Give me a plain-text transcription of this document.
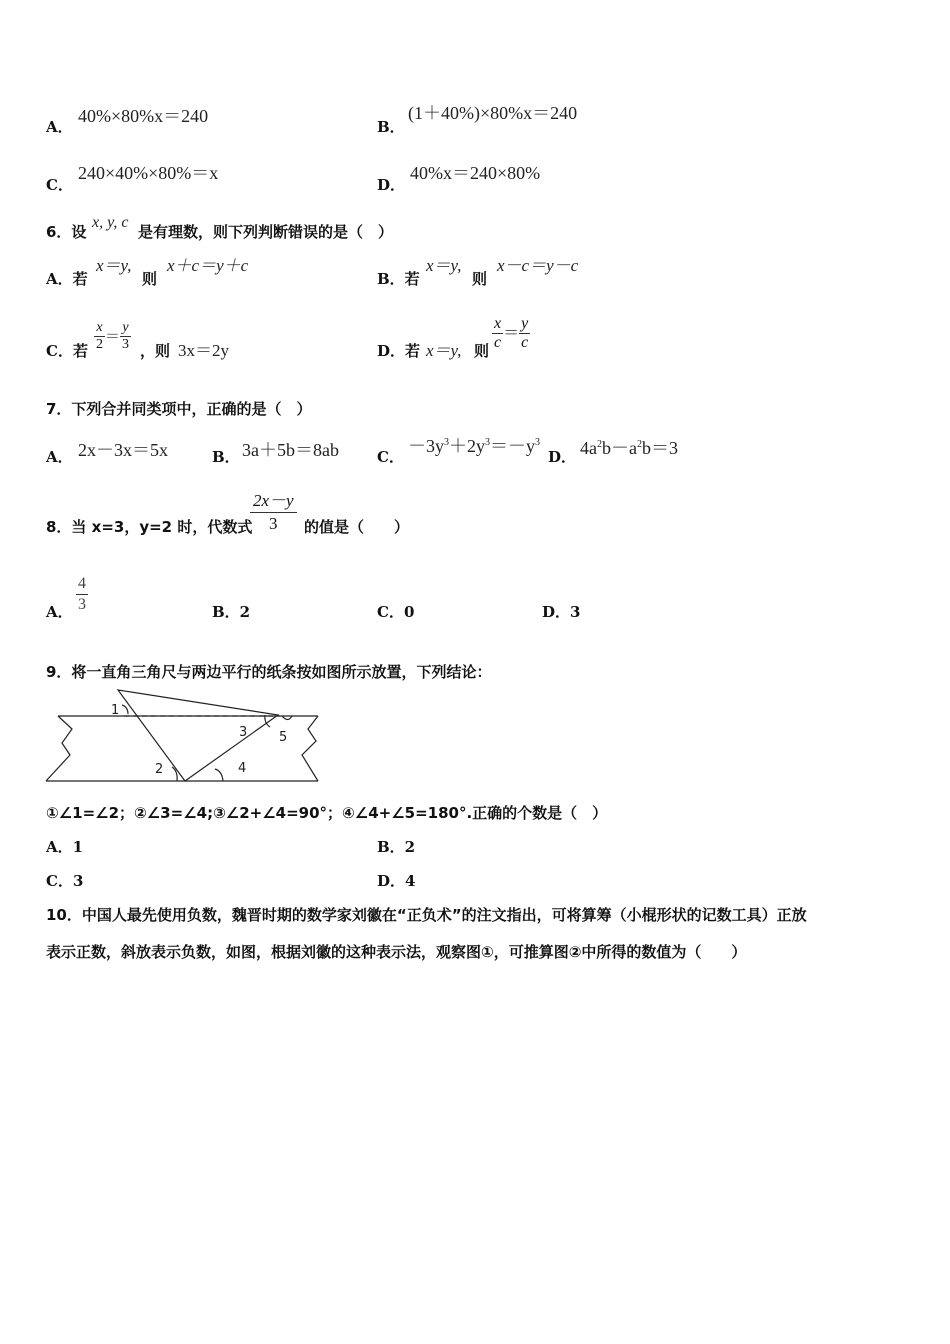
A．
40%×80%x＝240
B．
(1＋40%)×80%x＝240
C．
240×40%×80%＝x
D．
40%x＝240×80%
6．设
x, y, c
是有理数，则下列判断错误的是（　）
A．若
x＝y,
则
x＋c＝y＋c
B．若
x＝y,
则
x－c＝y－c
C．若 $\frac{x}{2} = \frac{y}{3}$ ，则 3x＝2y	D．若 x＝y, 则 $\frac{x}{c} = \frac{y}{c}$
7．下列合并同类项中，正确的是（　）
A． 2x－3x＝5x	B． 3a＋5b＝8ab	C．
$-3y^3+2y^3=-y^3$
D． $4a^2b-a^2b=3$
8．当 x=3，y=2 时，代数式
$\frac{2x-y}{3}$ 的值是（　　）
A． $\frac{4}{3}$	B．2	C．0	D．3
9．将一直角三角尺与两边平行的纸条按如图所示放置，下列结论：
1
2
3
4
5
①∠1=∠2；②∠3=∠4;③∠2+∠4=90°；④∠4+∠5=180°.正确的个数是（　）
A．1	B．2
C．3	D．4
10．中国人最先使用负数，魏晋时期的数学家刘徽在“正负术”的注文指出，可将算筹（小棍形状的记数工具）正放
表示正数，斜放表示负数，如图，根据刘徽的这种表示法，观察图①，可推算图②中所得的数值为（　　）
